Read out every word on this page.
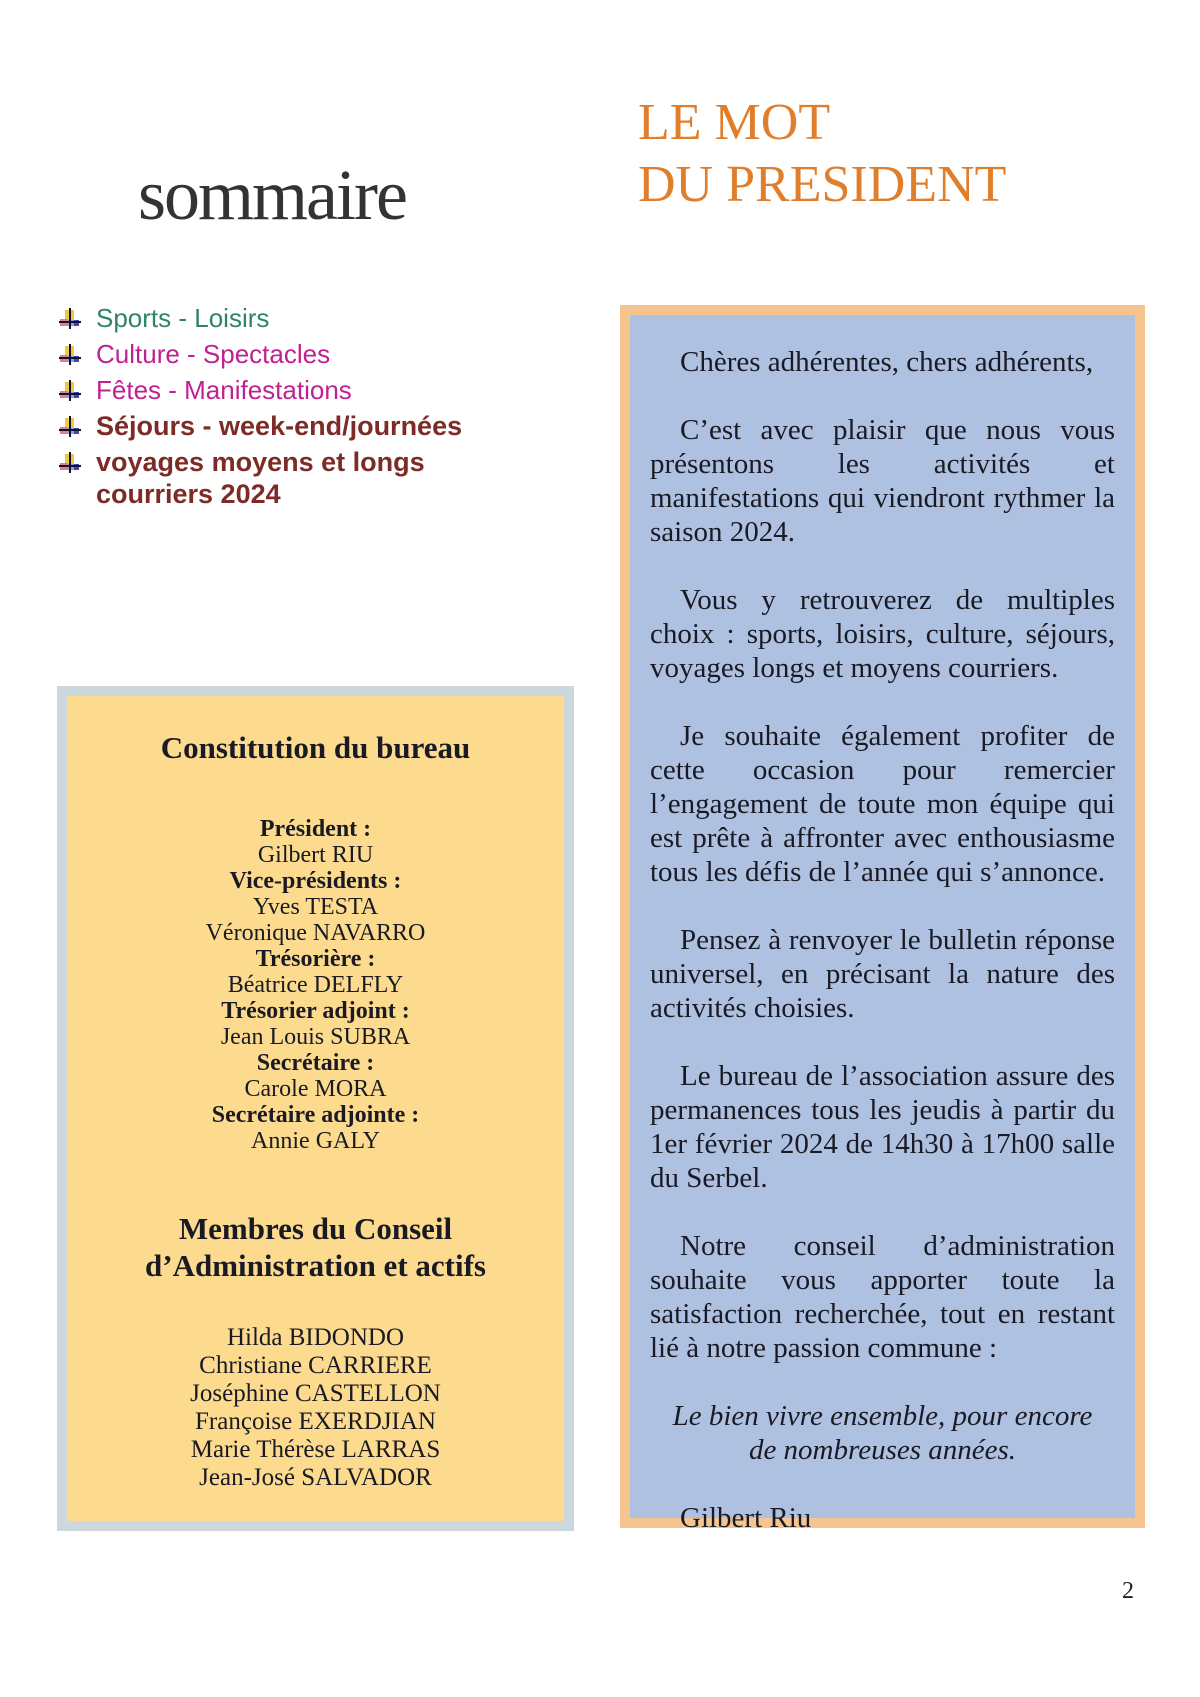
sommaire
Sports - Loisirs
Culture - Spectacles
Fêtes - Manifestations
Séjours - week-end/journées
voyages moyens et longs courriers 2024
Constitution du bureau
Président :
Gilbert RIU
Vice-présidents :
Yves TESTA
Véronique NAVARRO
Trésorière :
Béatrice DELFLY
Trésorier adjoint :
Jean Louis SUBRA
Secrétaire :
Carole MORA
Secrétaire adjointe :
Annie GALY
Membres du Conseil d’Administration et actifs
Hilda BIDONDO
Christiane CARRIERE
Joséphine CASTELLON
Françoise EXERDJIAN
Marie Thérèse LARRAS
Jean-José SALVADOR
LE MOT
DU PRESIDENT

Chères adhérentes, chers adhérents,

C’est avec plaisir que nous vous présentons les activités et manifestations qui viendront rythmer la saison 2024.

Vous y retrouverez de multiples choix : sports, loisirs, culture, séjours, voyages longs et moyens courriers.

Je souhaite également profiter de cette occasion pour remercier l’engagement de toute mon équipe qui est prête à affronter avec enthousiasme tous les défis de l’année qui s’annonce.

Pensez à renvoyer le bulletin réponse universel, en précisant la nature des activités choisies.

Le bureau de l’association assure des permanences tous les jeudis à partir du 1er février 2024 de 14h30 à 17h00 salle du Serbel.

Notre conseil d’administration souhaite vous apporter toute la satisfaction recherchée, tout en restant lié à notre passion commune :

Le bien vivre ensemble, pour encore de nombreuses années.

Gilbert Riu

2
